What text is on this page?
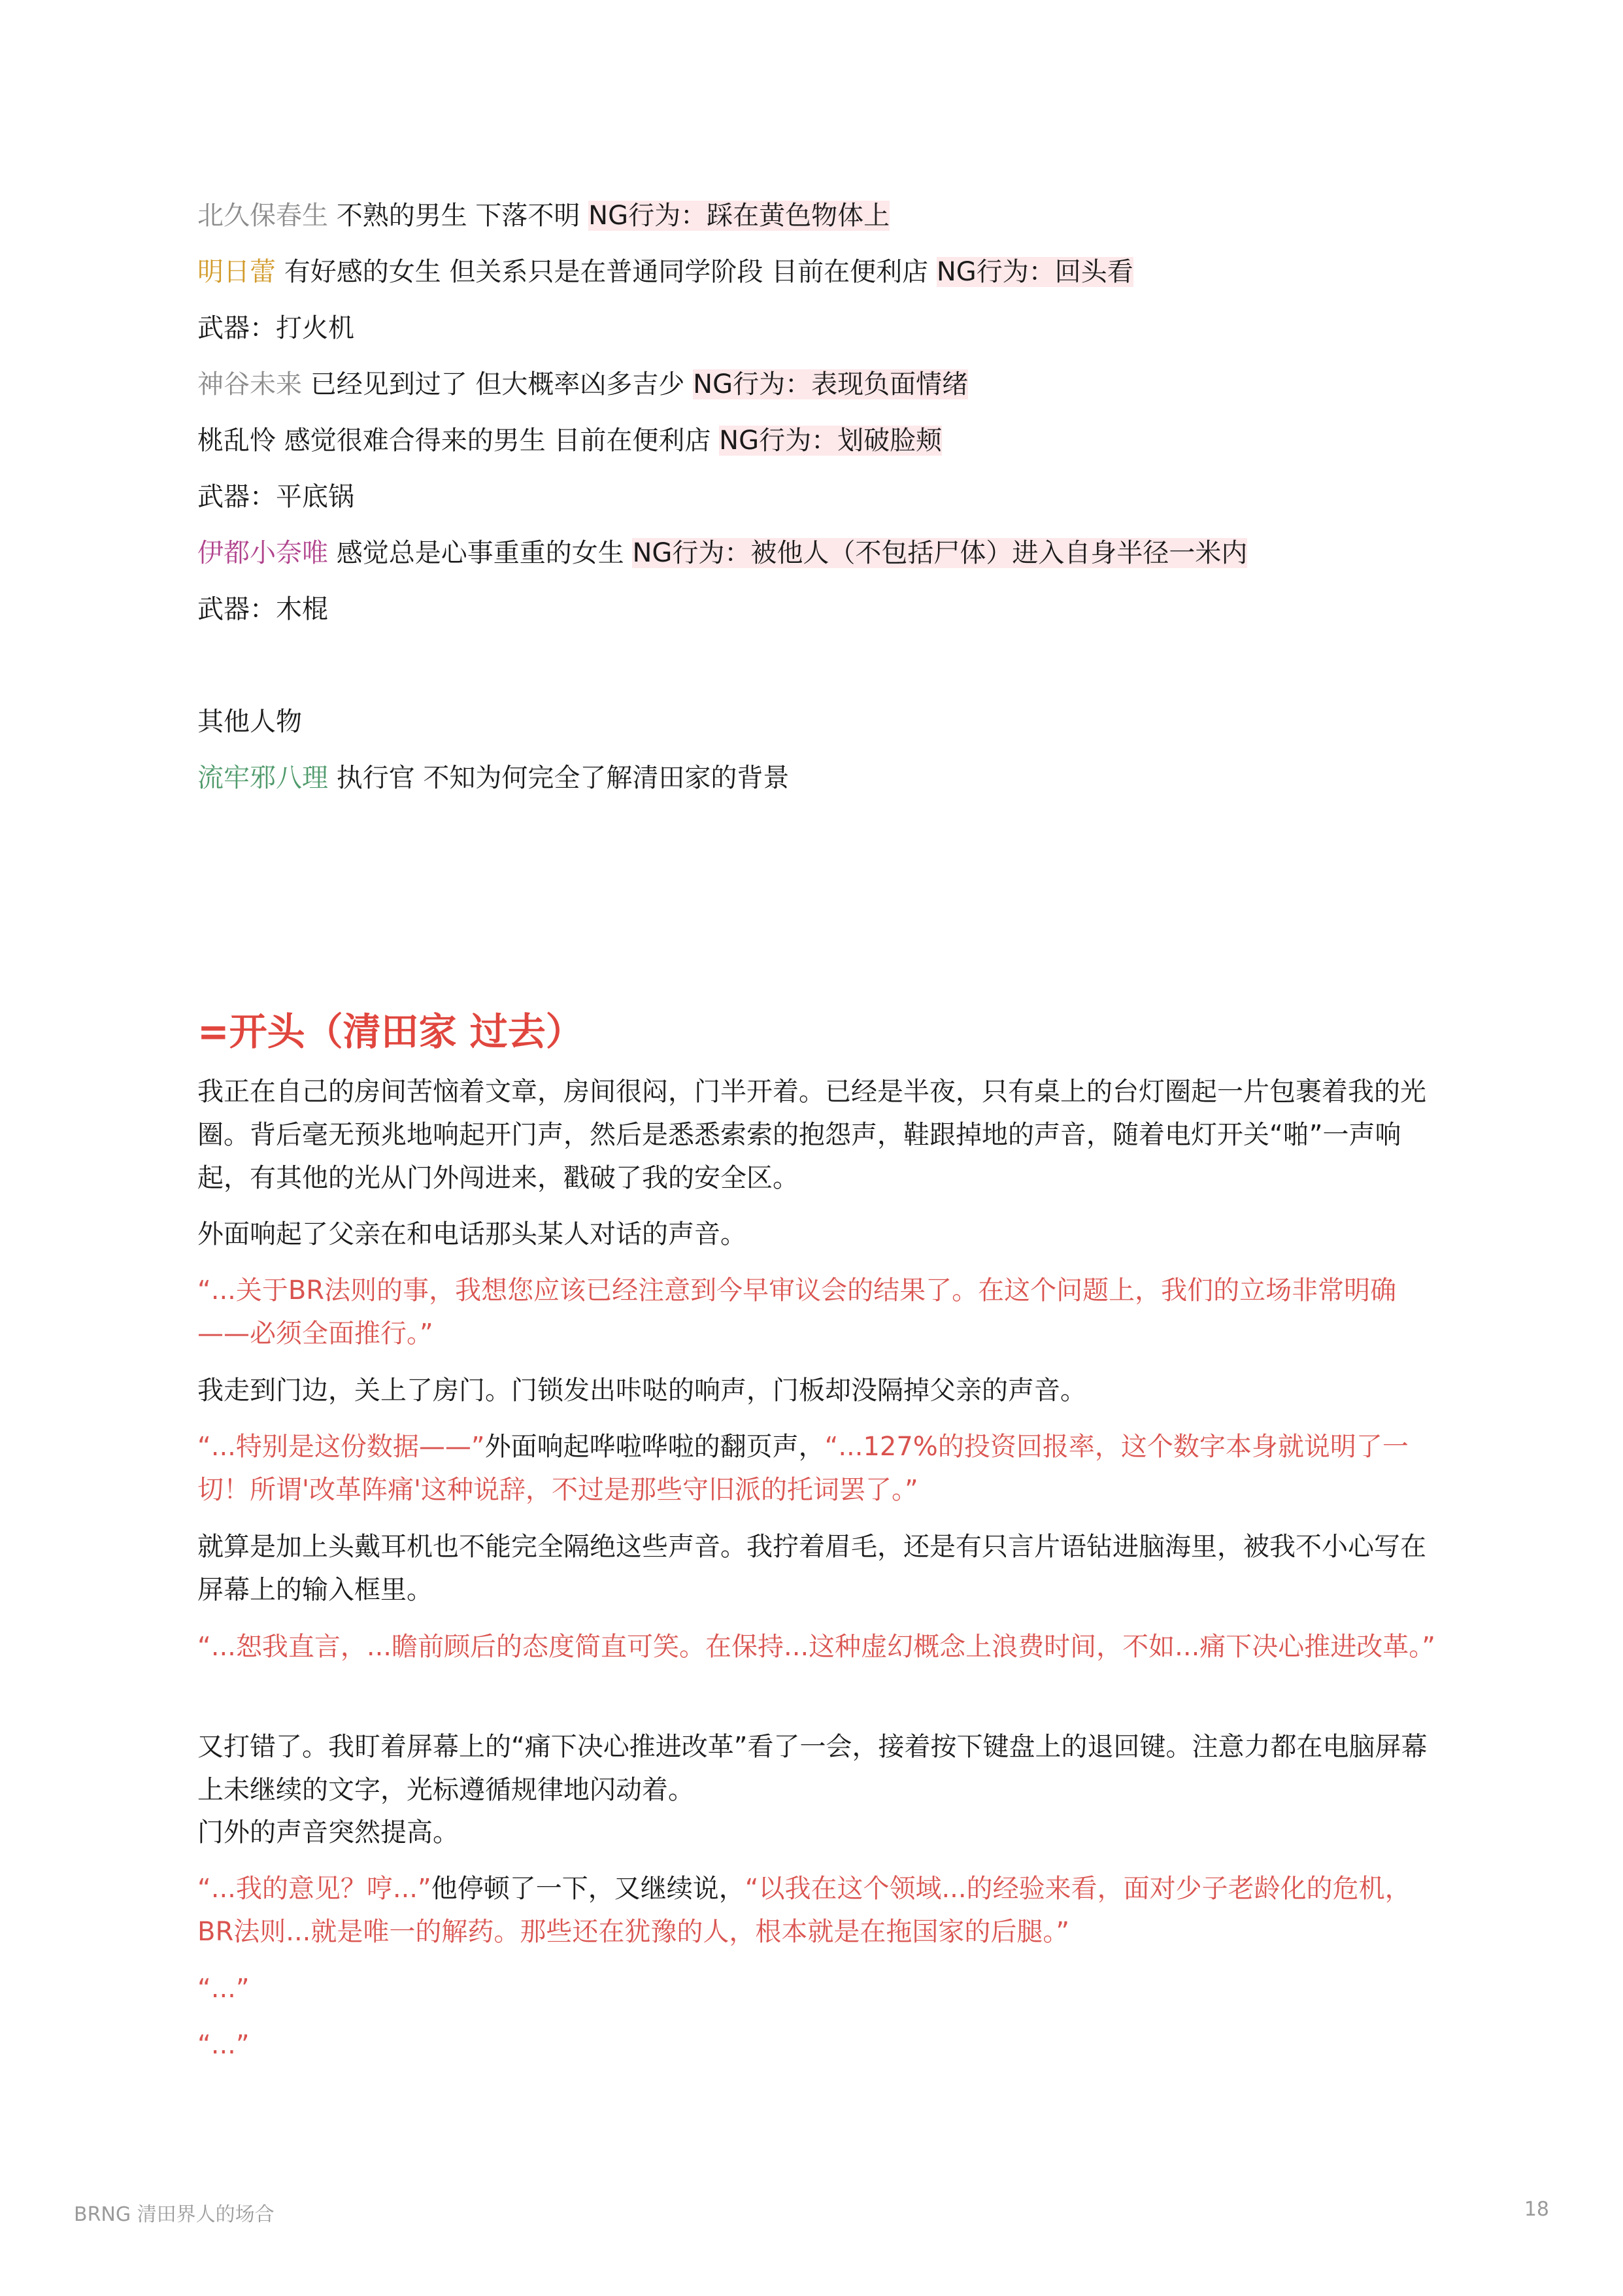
北久保春生 不熟的男生 下落不明 NG行为：踩在黄色物体上
明日蕾 有好感的女生 但关系只是在普通同学阶段 目前在便利店 NG行为：回头看
武器：打火机
神谷未来 已经见到过了 但大概率凶多吉少 NG行为：表现负面情绪
桃乱怜 感觉很难合得来的男生 目前在便利店 NG行为：划破脸颊
武器：平底锅
伊都小奈唯 感觉总是心事重重的女生 NG行为：被他人（不包括尸体）进入自身半径一米内
武器：木棍
其他人物
流牢邪八理 执行官 不知为何完全了解清田家的背景
=开头（清田家 过去）
我正在自己的房间苦恼着文章，房间很闷，门半开着。已经是半夜，只有桌上的台灯圈起一片包裹着我的光圈。背后毫无预兆地响起开门声，然后是悉悉索索的抱怨声，鞋跟掉地的声音，随着电灯开关“啪”一声响起，有其他的光从门外闯进来，戳破了我的安全区。
外面响起了父亲在和电话那头某人对话的声音。
“...关于BR法则的事，我想您应该已经注意到今早审议会的结果了。在这个问题上，我们的立场非常明确——必须全面推行。”
我走到门边，关上了房门。门锁发出咔哒的响声，门板却没隔掉父亲的声音。
“...特别是这份数据——”外面响起哗啦哗啦的翻页声，“...127%的投资回报率，这个数字本身就说明了一切！所谓'改革阵痛'这种说辞，不过是那些守旧派的托词罢了。”
就算是加上头戴耳机也不能完全隔绝这些声音。我拧着眉毛，还是有只言片语钻进脑海里，被我不小心写在屏幕上的输入框里。
“...恕我直言，...瞻前顾后的态度简直可笑。在保持...这种虚幻概念上浪费时间，不如...痛下决心推进改革。”
又打错了。我盯着屏幕上的“痛下决心推进改革”看了一会，接着按下键盘上的退回键。注意力都在电脑屏幕上未继续的文字，光标遵循规律地闪动着。
门外的声音突然提高。
“...我的意见？哼...”他停顿了一下，又继续说，“以我在这个领域...的经验来看，面对少子老龄化的危机，BR法则...就是唯一的解药。那些还在犹豫的人，根本就是在拖国家的后腿。”
“...”
“...”
BRNG 清田界人的场合	18
